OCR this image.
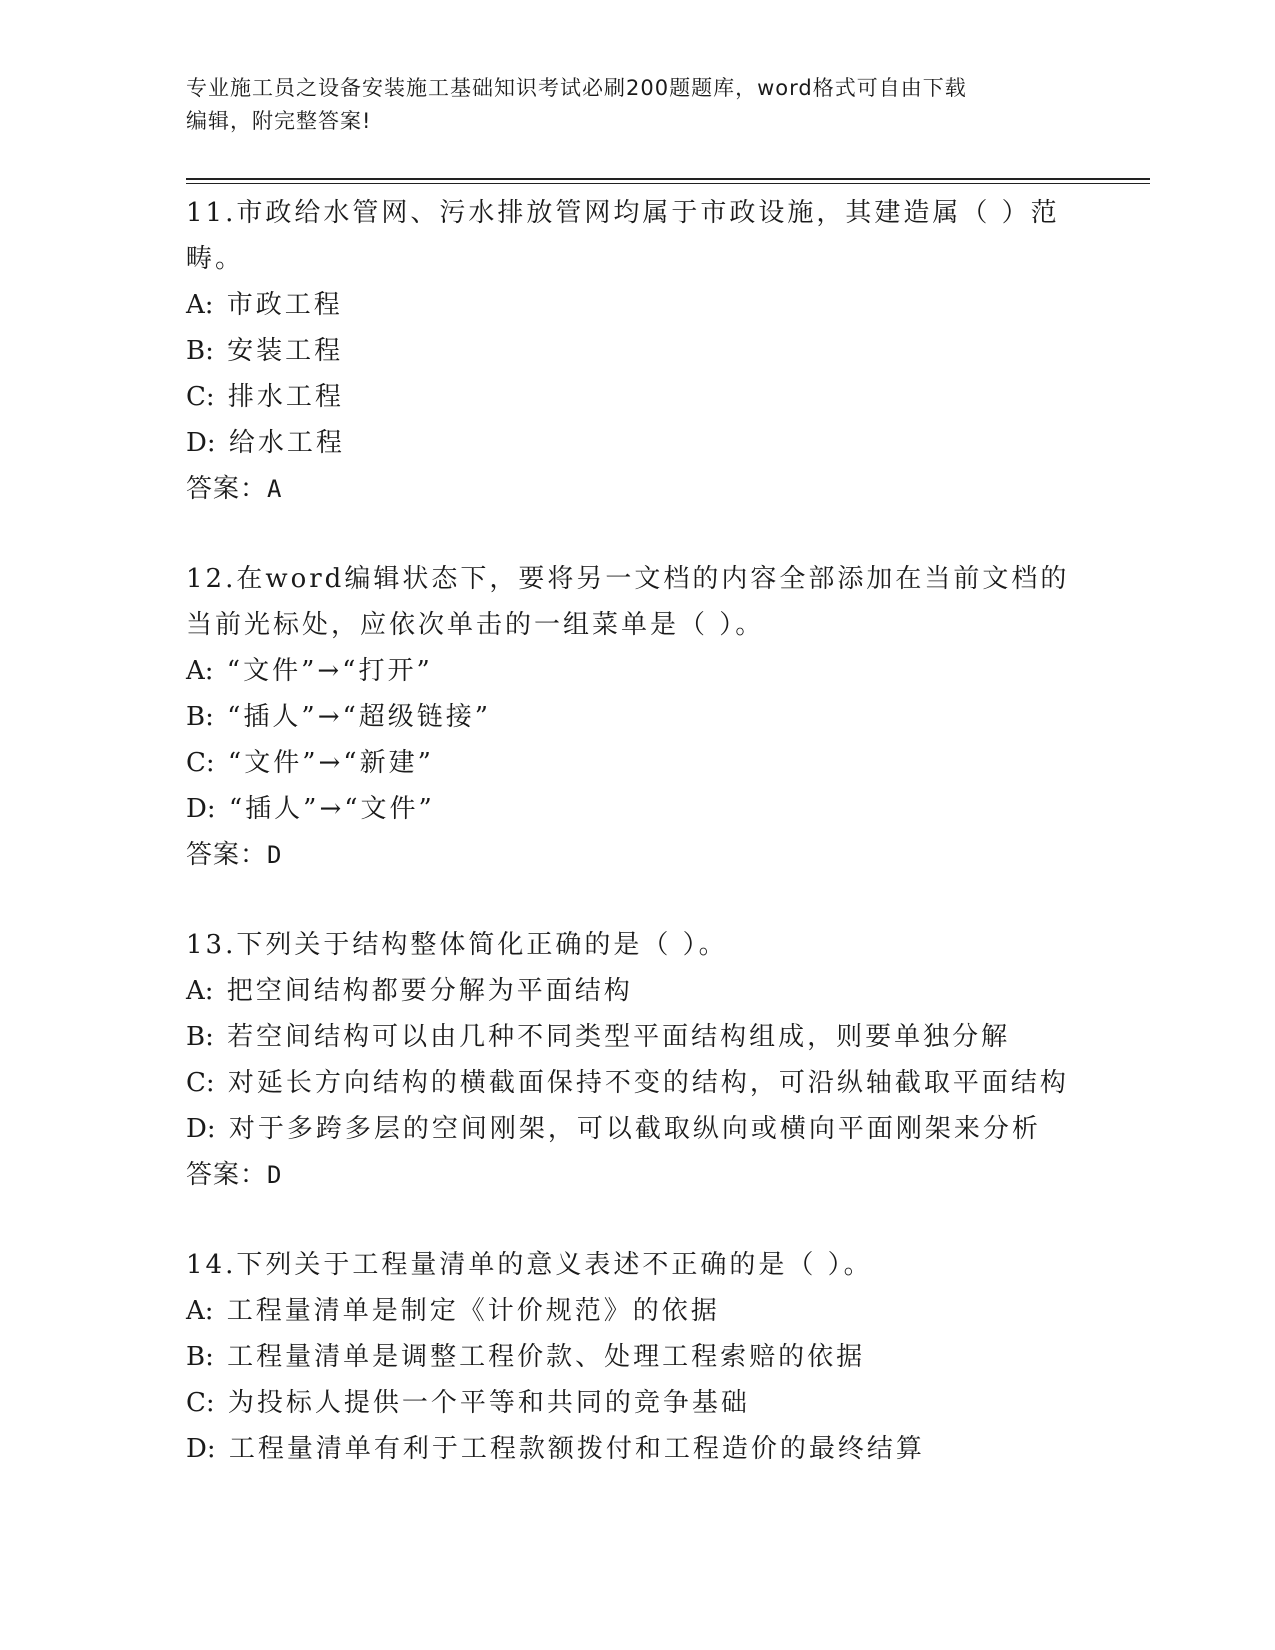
专业施工员之设备安装施工基础知识考试必刷200题题库，word格式可自由下载
编辑，附完整答案!
11.市政给水管网、污水排放管网均属于市政设施，其建造属（ ）范畴。
A: 市政工程
B: 安装工程
C: 排水工程
D: 给水工程
答案：A
12.在word编辑状态下，要将另一文档的内容全部添加在当前文档的当前光标处，应依次单击的一组菜单是（ ）。
A: “文件”→“打开”
B: “插人”→“超级链接”
C: “文件”→“新建”
D: “插人”→“文件”
答案：D
13.下列关于结构整体简化正确的是（ ）。
A: 把空间结构都要分解为平面结构
B: 若空间结构可以由几种不同类型平面结构组成，则要单独分解
C: 对延长方向结构的横截面保持不变的结构，可沿纵轴截取平面结构
D: 对于多跨多层的空间刚架，可以截取纵向或横向平面刚架来分析
答案：D
14.下列关于工程量清单的意义表述不正确的是（ ）。
A: 工程量清单是制定《计价规范》的依据
B: 工程量清单是调整工程价款、处理工程索赔的依据
C: 为投标人提供一个平等和共同的竞争基础
D: 工程量清单有利于工程款额拨付和工程造价的最终结算
